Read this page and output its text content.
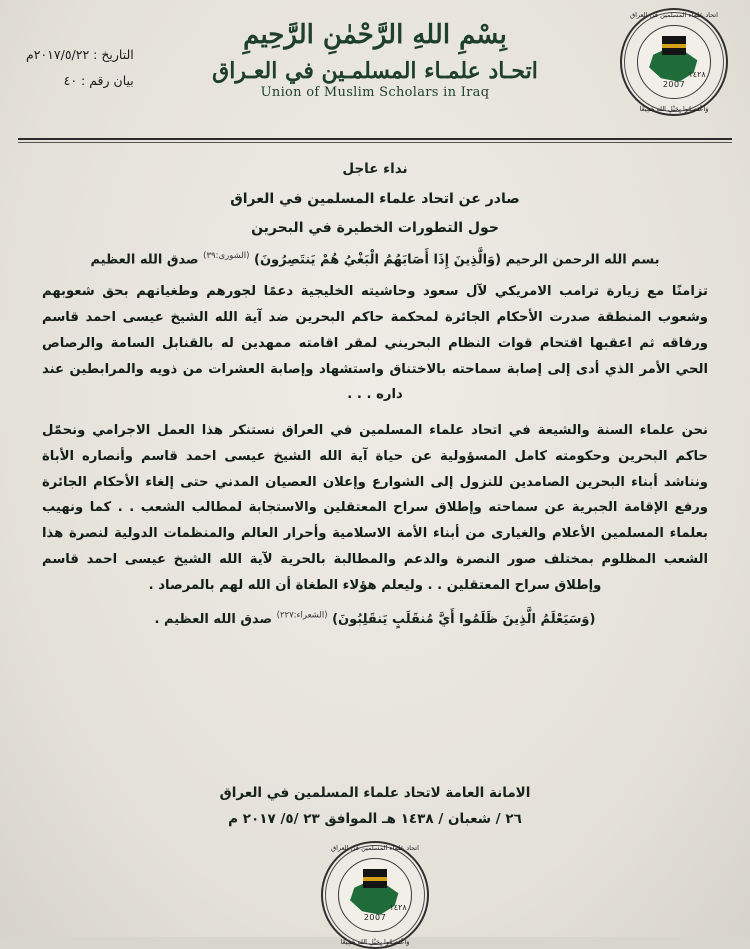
اتحاد علماء المسلمين في العراق
وَاعْتَصِمُوا بِحَبْلِ اللهِ جَمِيعًا
2007
١٤٢٨
التاريخ : ٢٠١٧/٥/٢٢م
بيان رقم : ٤٠
بِسْمِ اللهِ الرَّحْمٰنِ الرَّحِيمِ
اتحـاد علمـاء المسلمـين في العـراق
Union of Muslim Scholars in Iraq
نداء عاجل
صادر عن اتحاد علماء المسلمين في العراق
حول التطورات الخطيرة في البحرين
بسم الله الرحمن الرحيم (وَالَّذِينَ إِذَا أَصَابَهُمُ الْبَغْيُ هُمْ يَنتَصِرُونَ) $^{(الشورى:٣٩)}$ صدق الله العظيم

تزامنًا مع زيارة ترامب الامريكي لآل سعود وحاشيته الخليجية دعمًا لجورهم وطغيانهم بحق شعوبهم وشعوب المنطقة صدرت الأحكام الجائرة لمحكمة حاكم البحرين ضد آية الله الشيخ عيسى احمد قاسم ورفاقه ثم اعقبها اقتحام قوات النظام البحريني لمقر اقامته ممهدين له بالقنابل السامة والرصاص الحي الأمر الذي أدى إلى إصابة سماحته بالاختناق واستشهاد وإصابة العشرات من ذويه والمرابطين عند داره . . .

نحن علماء السنة والشيعة في اتحاد علماء المسلمين في العراق نستنكر هذا العمل الاجرامي ونحمّل حاكم البحرين وحكومته كامل المسؤولية عن حياة آية الله الشيخ عيسى احمد قاسم وأنصاره الأباة ونناشد أبناء البحرين الصامدين للنزول إلى الشوارع وإعلان العصيان المدني حتى إلغاء الأحكام الجائرة ورفع الإقامة الجبرية عن سماحته وإطلاق سراح المعتقلين والاستجابة لمطالب الشعب . . كما ونهيب بعلماء المسلمين الأعلام والغيارى من أبناء الأمة الاسلامية وأحرار العالم والمنظمات الدولية لنصرة هذا الشعب المظلوم بمختلف صور النصرة والدعم والمطالبة بالحرية لآية الله الشيخ عيسى احمد قاسم وإطلاق سراح المعتقلين . . وليعلم هؤلاء الطغاة أن الله لهم بالمرصاد .

(وَسَيَعْلَمُ الَّذِينَ ظَلَمُوا أَيَّ مُنقَلَبٍ يَنقَلِبُونَ) $^{(الشعراء:٢٢٧)}$ صدق الله العظيم .
الامانة العامة لاتحاد علماء المسلمين في العراق
٢٦ / شعبان / ١٤٣٨ هـ الموافق ٢٣ /٥/ ٢٠١٧ م
اتحاد علماء المسلمين في العراق
وَاعْتَصِمُوا بِحَبْلِ اللهِ جَمِيعًا
2007
١٤٢٨
